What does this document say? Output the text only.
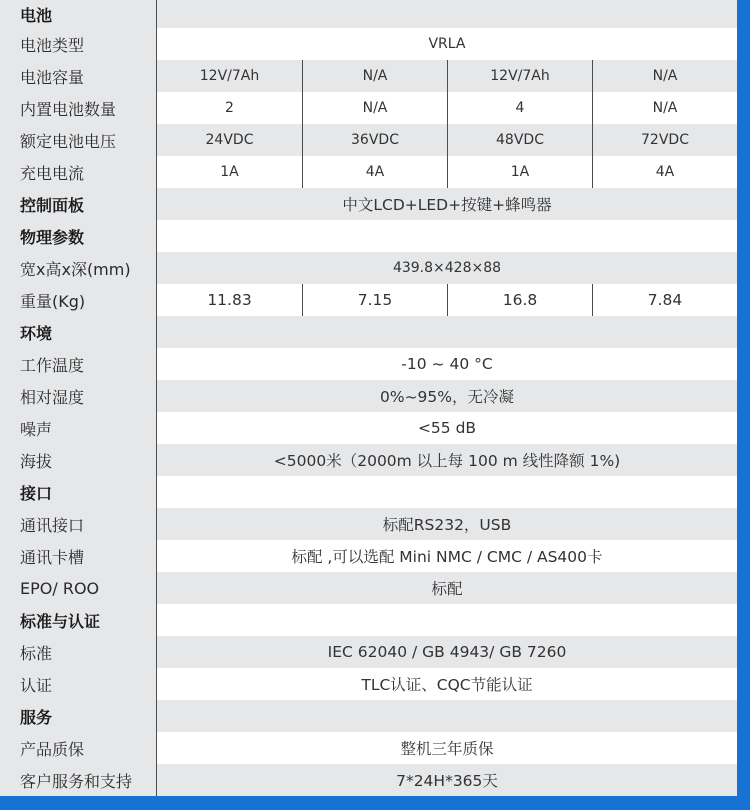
电池
电池类型	VRLA
电池容量	12V/7Ah	N/A	12V/7Ah	N/A
内置电池数量	2	N/A	4	N/A
额定电池电压	24VDC	36VDC	48VDC	72VDC
充电电流	1A	4A	1A	4A
控制面板	中文LCD+LED+按键+蜂鸣器
物理参数
宽x高x深(mm)	439.8×428×88
重量(Kg)	11.83	7.15	16.8	7.84
环境
工作温度	-10 ~ 40 °C
相对湿度	0%~95%，无冷凝
噪声	<55 dB
海拔	<5000米（2000m 以上每 100 m 线性降额 1%)
接口
通讯接口	标配RS232，USB
通讯卡槽	标配 ,可以选配 Mini NMC / CMC / AS400卡
EPO/ ROO	标配
标准与认证
标准	IEC 62040 / GB 4943/ GB 7260
认证	TLC认证、CQC节能认证
服务
产品质保	整机三年质保
客户服务和支持	7*24H*365天
